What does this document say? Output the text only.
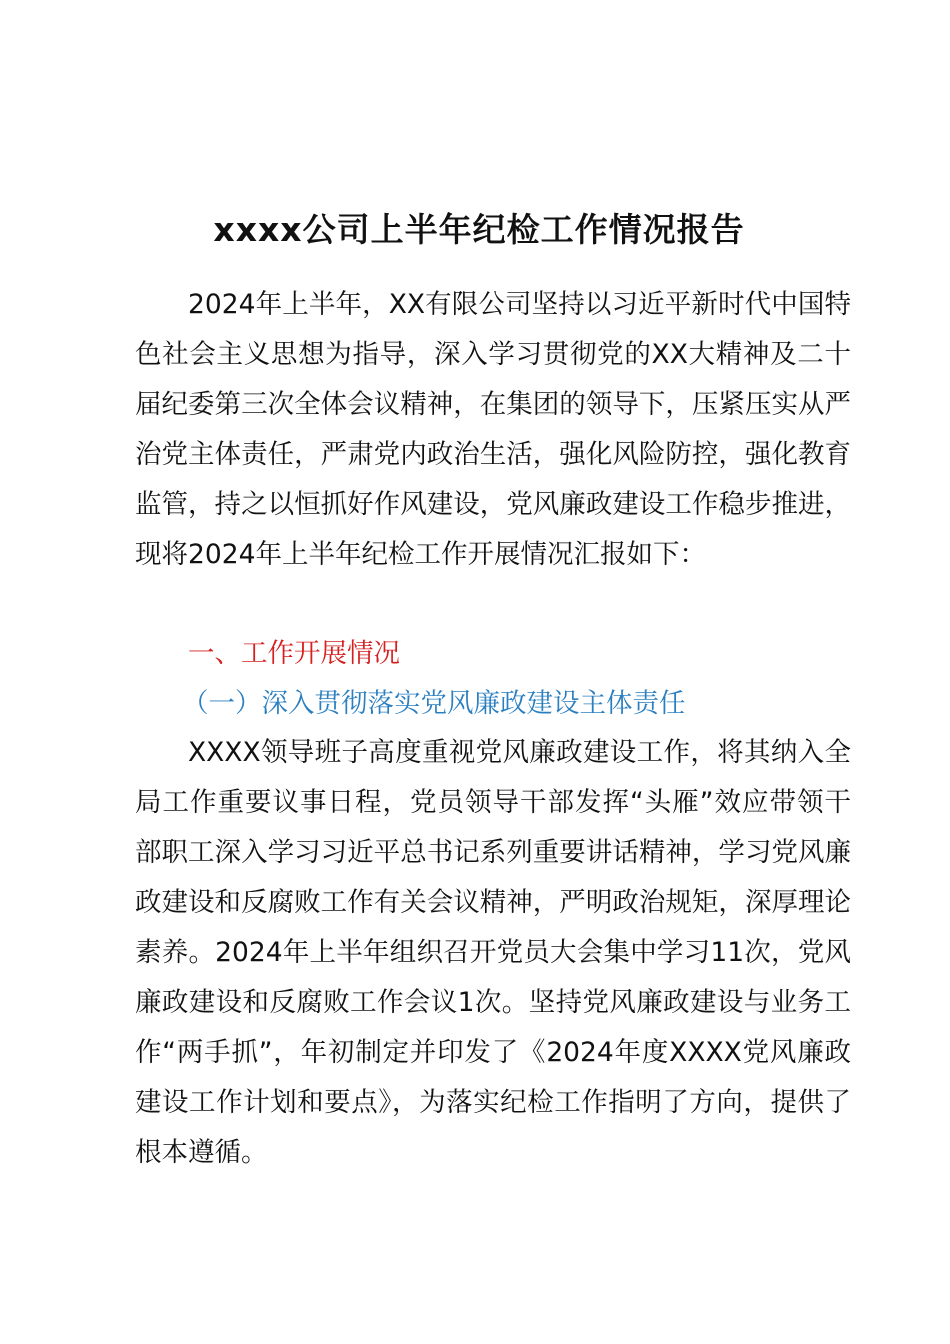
xxxx公司上半年纪检工作情况报告

2024年上半年，XX有限公司坚持以习近平新时代中国特色社会主义思想为指导，深入学习贯彻党的XX大精神及二十届纪委第三次全体会议精神，在集团的领导下，压紧压实从严治党主体责任，严肃党内政治生活，强化风险防控，强化教育监管，持之以恒抓好作风建设，党风廉政建设工作稳步推进，现将2024年上半年纪检工作开展情况汇报如下：

一、工作开展情况
（一）深入贯彻落实党风廉政建设主体责任

XXXX领导班子高度重视党风廉政建设工作，将其纳入全局工作重要议事日程，党员领导干部发挥“头雁”效应带领干部职工深入学习习近平总书记系列重要讲话精神，学习党风廉政建设和反腐败工作有关会议精神，严明政治规矩，深厚理论素养。2024年上半年组织召开党员大会集中学习11次，党风廉政建设和反腐败工作会议1次。坚持党风廉政建设与业务工作“两手抓”，年初制定并印发了《2024年度XXXX党风廉政建设工作计划和要点》，为落实纪检工作指明了方向，提供了根本遵循。
